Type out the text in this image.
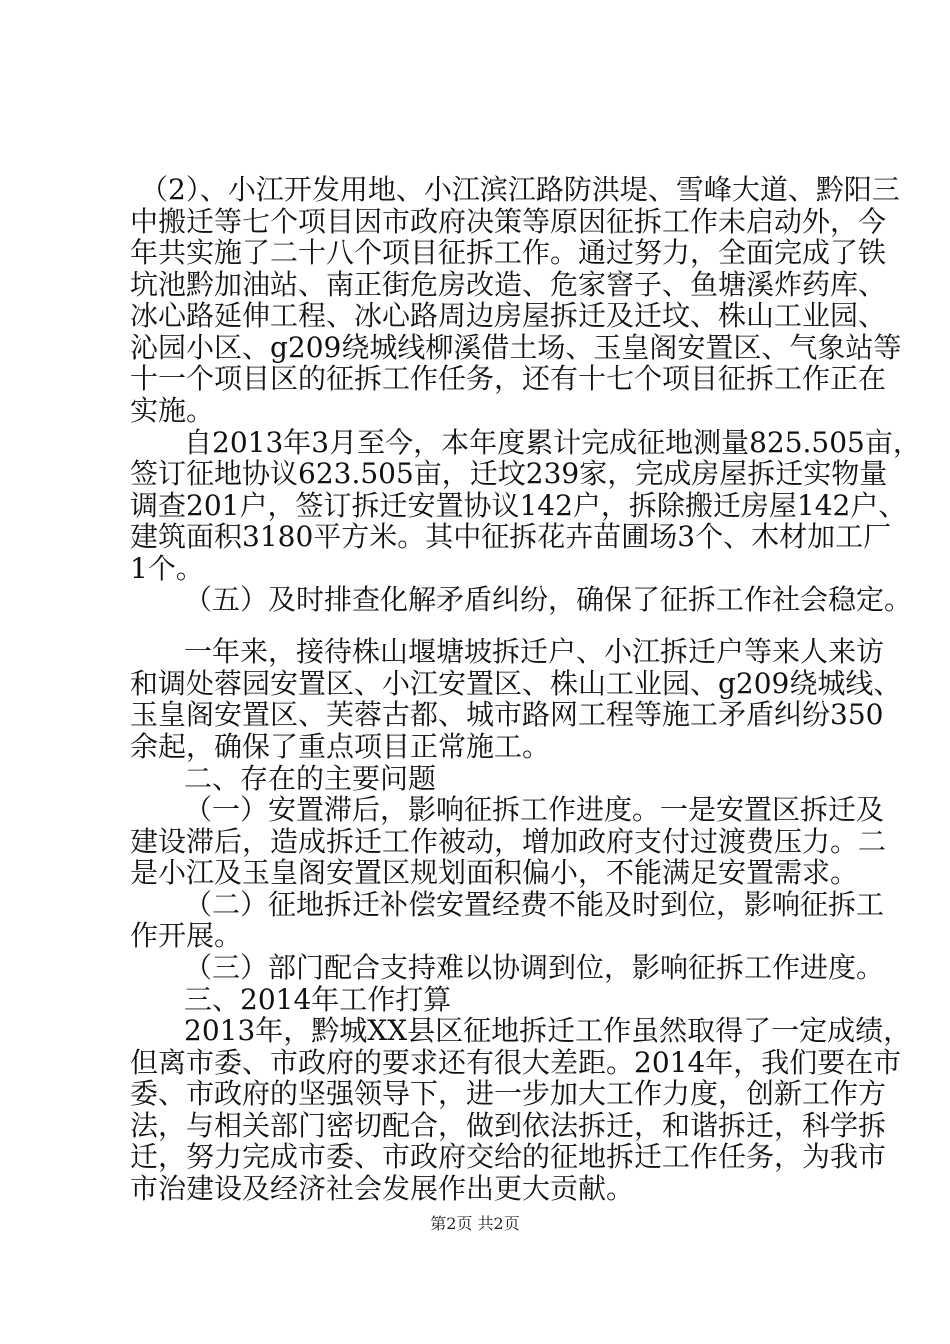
（2）、小江开发用地、小江滨江路防洪堤、雪峰大道、黔阳三
中搬迁等七个项目因市政府决策等原因征拆工作未启动外，今
年共实施了二十八个项目征拆工作。通过努力，全面完成了铁
坑池黔加油站、南正街危房改造、危家窨子、鱼塘溪炸药库、
冰心路延伸工程、冰心路周边房屋拆迁及迁坟、株山工业园、
沁园小区、g209绕城线柳溪借土场、玉皇阁安置区、气象站等
十一个项目区的征拆工作任务，还有十七个项目征拆工作正在
实施。
自2013年3月至今，本年度累计完成征地测量825.505亩，
签订征地协议623.505亩，迁坟239家，完成房屋拆迁实物量
调查201户，签订拆迁安置协议142户，拆除搬迁房屋142户、
建筑面积3180平方米。其中征拆花卉苗圃场3个、木材加工厂
1个。
（五）及时排查化解矛盾纠纷，确保了征拆工作社会稳定。
一年来，接待株山堰塘坡拆迁户、小江拆迁户等来人来访
和调处蓉园安置区、小江安置区、株山工业园、g209绕城线、
玉皇阁安置区、芙蓉古都、城市路网工程等施工矛盾纠纷350
余起，确保了重点项目正常施工。
二、存在的主要问题
（一）安置滞后，影响征拆工作进度。一是安置区拆迁及
建设滞后，造成拆迁工作被动，增加政府支付过渡费压力。二
是小江及玉皇阁安置区规划面积偏小，不能满足安置需求。
（二）征地拆迁补偿安置经费不能及时到位，影响征拆工
作开展。
（三）部门配合支持难以协调到位，影响征拆工作进度。
三、2014年工作打算
2013年，黔城XX县区征地拆迁工作虽然取得了一定成绩，
但离市委、市政府的要求还有很大差距。2014年，我们要在市
委、市政府的坚强领导下，进一步加大工作力度，创新工作方
法，与相关部门密切配合，做到依法拆迁，和谐拆迁，科学拆
迁，努力完成市委、市政府交给的征地拆迁工作任务，为我市
市治建设及经济社会发展作出更大贡献。
第2页 共2页
